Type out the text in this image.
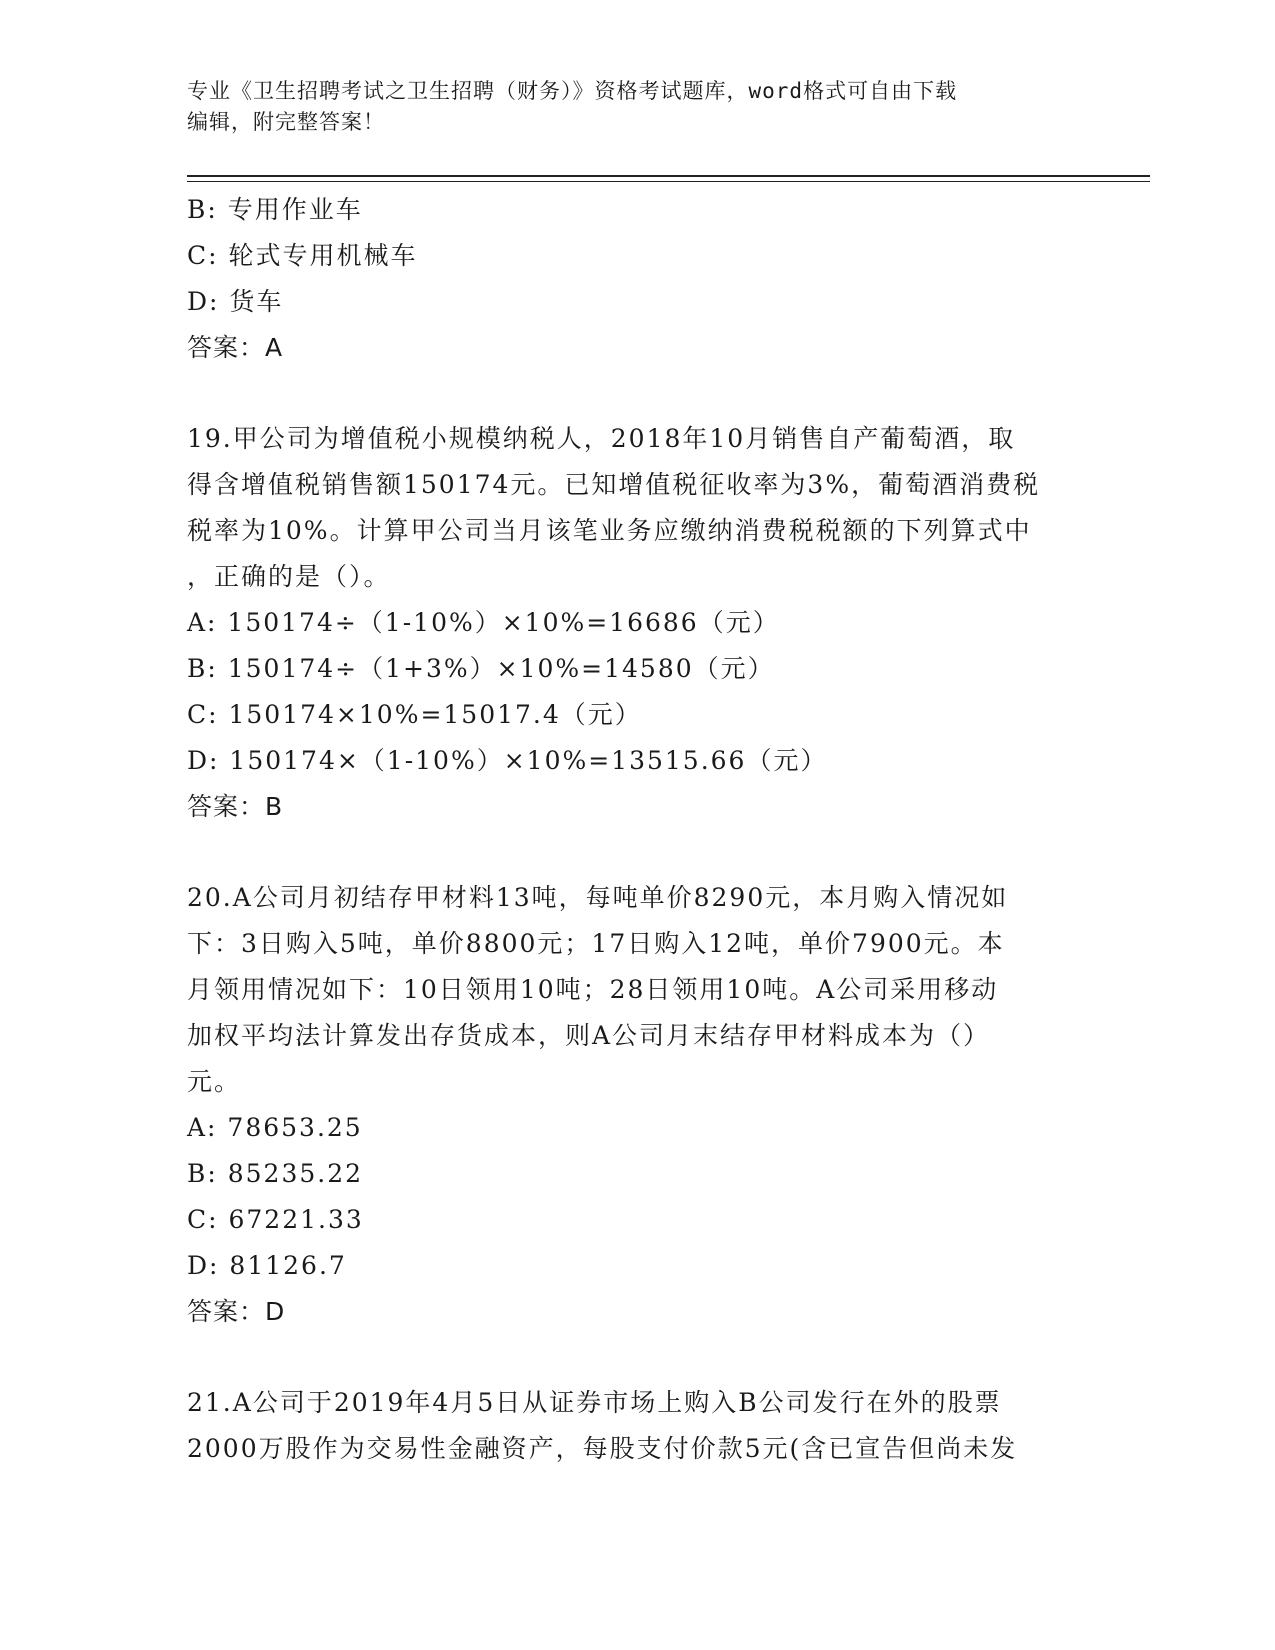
专业《卫生招聘考试之卫生招聘（财务）》资格考试题库，word格式可自由下载
编辑，附完整答案！
B: 专用作业车
C: 轮式专用机械车
D: 货车
答案：A
19.甲公司为增值税小规模纳税人，2018年10月销售自产葡萄酒，取
得含增值税销售额150174元。已知增值税征收率为3%，葡萄酒消费税
税率为10%。计算甲公司当月该笔业务应缴纳消费税税额的下列算式中
，正确的是（）。
A: 150174÷（1-10%）×10%=16686（元）
B: 150174÷（1+3%）×10%=14580（元）
C: 150174×10%=15017.4（元）
D: 150174×（1-10%）×10%=13515.66（元）
答案：B
20.A公司月初结存甲材料13吨，每吨单价8290元，本月购入情况如
下：3日购入5吨，单价8800元；17日购入12吨，单价7900元。本
月领用情况如下：10日领用10吨；28日领用10吨。A公司采用移动
加权平均法计算发出存货成本，则A公司月末结存甲材料成本为（）
元。
A: 78653.25
B: 85235.22
C: 67221.33
D: 81126.7
答案：D
21.A公司于2019年4月5日从证券市场上购入B公司发行在外的股票
2000万股作为交易性金融资产，每股支付价款5元(含已宣告但尚未发
